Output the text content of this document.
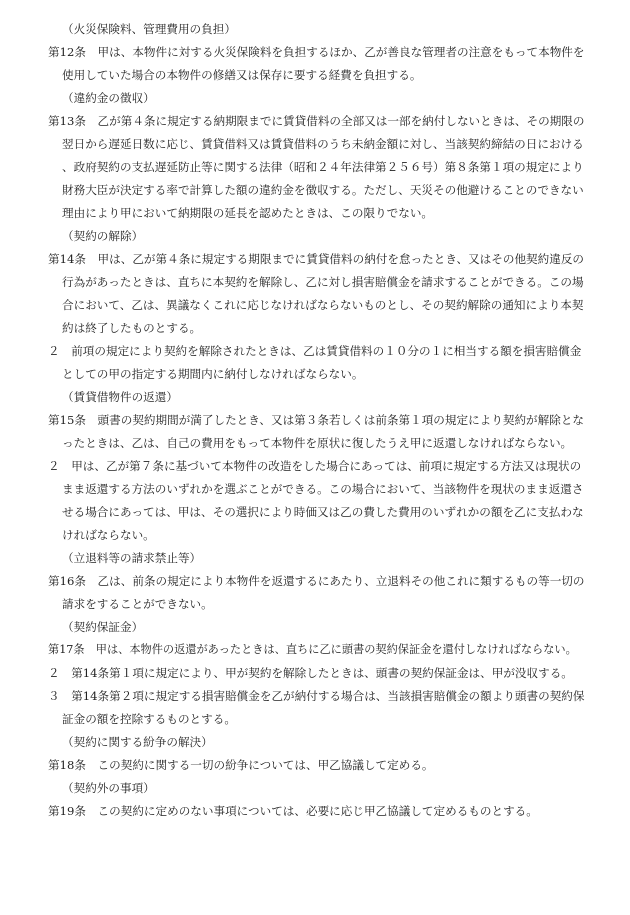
（火災保険料、管理費用の負担）
第12条　甲は、本物件に対する火災保険料を負担するほか、乙が善良な管理者の注意をもって本物件を
使用していた場合の本物件の修繕又は保存に要する経費を負担する。
（違約金の徴収）
第13条　乙が第４条に規定する納期限までに賃貸借料の全部又は一部を納付しないときは、その期限の
翌日から遅延日数に応じ、賃貸借料又は賃貸借料のうち未納金額に対し、当該契約締結の日における
、政府契約の支払遅延防止等に関する法律（昭和２４年法律第２５６号）第８条第１項の規定により
財務大臣が決定する率で計算した額の違約金を徴収する。ただし、天災その他避けることのできない
理由により甲において納期限の延長を認めたときは、この限りでない。
（契約の解除）
第14条　甲は、乙が第４条に規定する期限までに賃貸借料の納付を怠ったとき、又はその他契約違反の
行為があったときは、直ちに本契約を解除し、乙に対し損害賠償金を請求することができる。この場
合において、乙は、異議なくこれに応じなければならないものとし、その契約解除の通知により本契
約は終了したものとする。
２　前項の規定により契約を解除されたときは、乙は賃貸借料の１０分の１に相当する額を損害賠償金
としての甲の指定する期間内に納付しなければならない。
（賃貸借物件の返還）
第15条　頭書の契約期間が満了したとき、又は第３条若しくは前条第１項の規定により契約が解除とな
ったときは、乙は、自己の費用をもって本物件を原状に復したうえ甲に返還しなければならない。
２　甲は、乙が第７条に基づいて本物件の改造をした場合にあっては、前項に規定する方法又は現状の
まま返還する方法のいずれかを選ぶことができる。この場合において、当該物件を現状のまま返還さ
せる場合にあっては、甲は、その選択により時価又は乙の費した費用のいずれかの額を乙に支払わな
ければならない。
（立退料等の請求禁止等）
第16条　乙は、前条の規定により本物件を返還するにあたり、立退料その他これに類するもの等一切の
請求をすることができない。
（契約保証金）
第17条　甲は、本物件の返還があったときは、直ちに乙に頭書の契約保証金を還付しなければならない。
２　第14条第１項に規定により、甲が契約を解除したときは、頭書の契約保証金は、甲が没収する。
３　第14条第２項に規定する損害賠償金を乙が納付する場合は、当該損害賠償金の額より頭書の契約保
証金の額を控除するものとする。
（契約に関する紛争の解決）
第18条　この契約に関する一切の紛争については、甲乙協議して定める。
（契約外の事項）
第19条　この契約に定めのない事項については、必要に応じ甲乙協議して定めるものとする。
